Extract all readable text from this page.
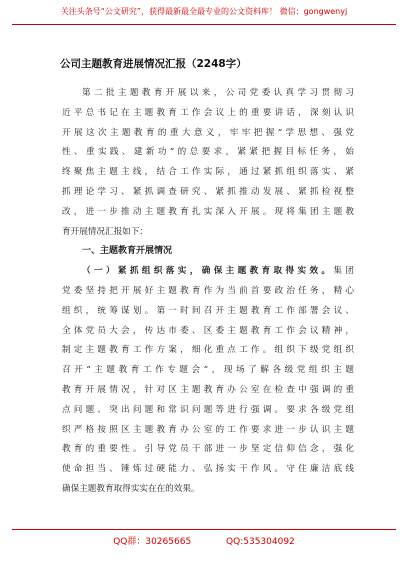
关注头条号“公文研究”，获得最新最全最专业的公文资料库！ 微信：gongwenyj
公司主题教育进展情况汇报（2248字）
第二批主题教育开展以来，公司党委认真学习贯彻习
近平总书记在主题教育工作会议上的重要讲话，深刻认识
开展这次主题教育的重大意义，牢牢把握“学思想、强党
性、重实践、建新功”的总要求，紧紧把握目标任务，始
终聚焦主题主线，结合工作实际，通过紧抓组织落实、紧
抓理论学习、紧抓调查研究、紧抓推动发展、紧抓检视整
改，进一步推动主题教育扎实深入开展。现将集团主题教
育开展情况汇报如下：
一、主题教育开展情况
（一）紧抓组织落实，确保主题教育取得实效。集团
党委坚持把开展好主题教育作为当前首要政治任务，精心
组织，统筹谋划。第一时间召开主题教育工作部署会议、
全体党员大会，传达市委、区委主题教育工作会议精神，
制定主题教育工作方案，细化重点工作。组织下级党组织
召开“主题教育工作专题会”，现场了解各级党组织主题
教育开展情况，针对区主题教育办公室在检查中强调的重
点问题、突出问题和常识问题等进行强调。要求各级党组
织严格按照区主题教育办公室的工作要求进一步认识主题
教育的重要性。引导党员干部进一步坚定信仰信念，强化
使命担当、锤炼过硬能力、弘扬实干作风。守住廉洁底线
确保主题教育取得实实在在的效果。
QQ群：30265665	QQ:535304092
